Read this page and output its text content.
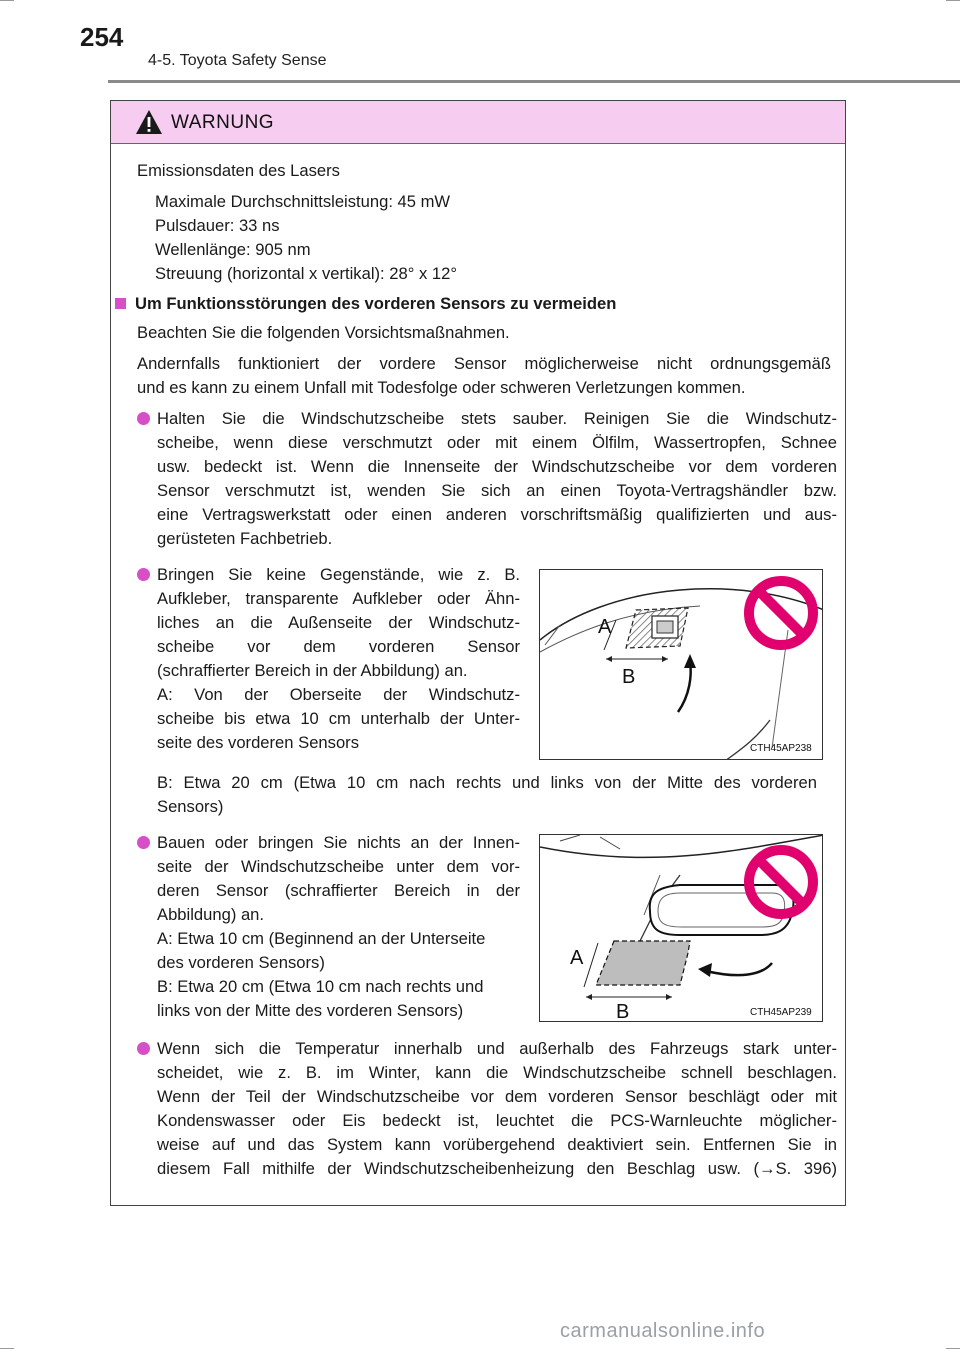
254
4-5. Toyota Safety Sense
WARNUNG
Emissionsdaten des Lasers
Maximale Durchschnittsleistung: 45 mW
Pulsdauer: 33 ns
Wellenlänge: 905 nm
Streuung (horizontal x vertikal): 28° x 12°
Um Funktionsstörungen des vorderen Sensors zu vermeiden
Beachten Sie die folgenden Vorsichtsmaßnahmen.
Andernfalls funktioniert der vordere Sensor möglicherweise nicht ordnungsgemäß
und es kann zu einem Unfall mit Todesfolge oder schweren Verletzungen kommen.
Halten Sie die Windschutzscheibe stets sauber. Reinigen Sie die Windschutz-
scheibe, wenn diese verschmutzt oder mit einem Ölfilm, Wassertropfen, Schnee
usw. bedeckt ist. Wenn die Innenseite der Windschutzscheibe vor dem vorderen
Sensor verschmutzt ist, wenden Sie sich an einen Toyota-Vertragshändler bzw.
eine Vertragswerkstatt oder einen anderen vorschriftsmäßig qualifizierten und aus-
gerüsteten Fachbetrieb.
Bringen Sie keine Gegenstände, wie z. B.
Aufkleber, transparente Aufkleber oder Ähn-
liches an die Außenseite der Windschutz-
scheibe vor dem vorderen Sensor
(schraffierter Bereich in der Abbildung) an.
A: Von der Oberseite der Windschutz-
scheibe bis etwa 10 cm unterhalb der Unter-
seite des vorderen Sensors
A
B
CTH45AP238
B: Etwa 20 cm (Etwa 10 cm nach rechts und links von der Mitte des vorderen
Sensors)
Bauen oder bringen Sie nichts an der Innen-
seite der Windschutzscheibe unter dem vor-
deren Sensor (schraffierter Bereich in der
Abbildung) an.
A: Etwa 10 cm (Beginnend an der Unterseite
des vorderen Sensors)
B: Etwa 20 cm (Etwa 10 cm nach rechts und
links von der Mitte des vorderen Sensors)
A
B	CTH45AP239
Wenn sich die Temperatur innerhalb und außerhalb des Fahrzeugs stark unter-
scheidet, wie z. B. im Winter, kann die Windschutzscheibe schnell beschlagen.
Wenn der Teil der Windschutzscheibe vor dem vorderen Sensor beschlägt oder mit
Kondenswasser oder Eis bedeckt ist, leuchtet die PCS-Warnleuchte möglicher-
weise auf und das System kann vorübergehend deaktiviert sein. Entfernen Sie in
diesem Fall mithilfe der Windschutzscheibenheizung den Beschlag usw. (→S. 396)
carmanualsonline.info
